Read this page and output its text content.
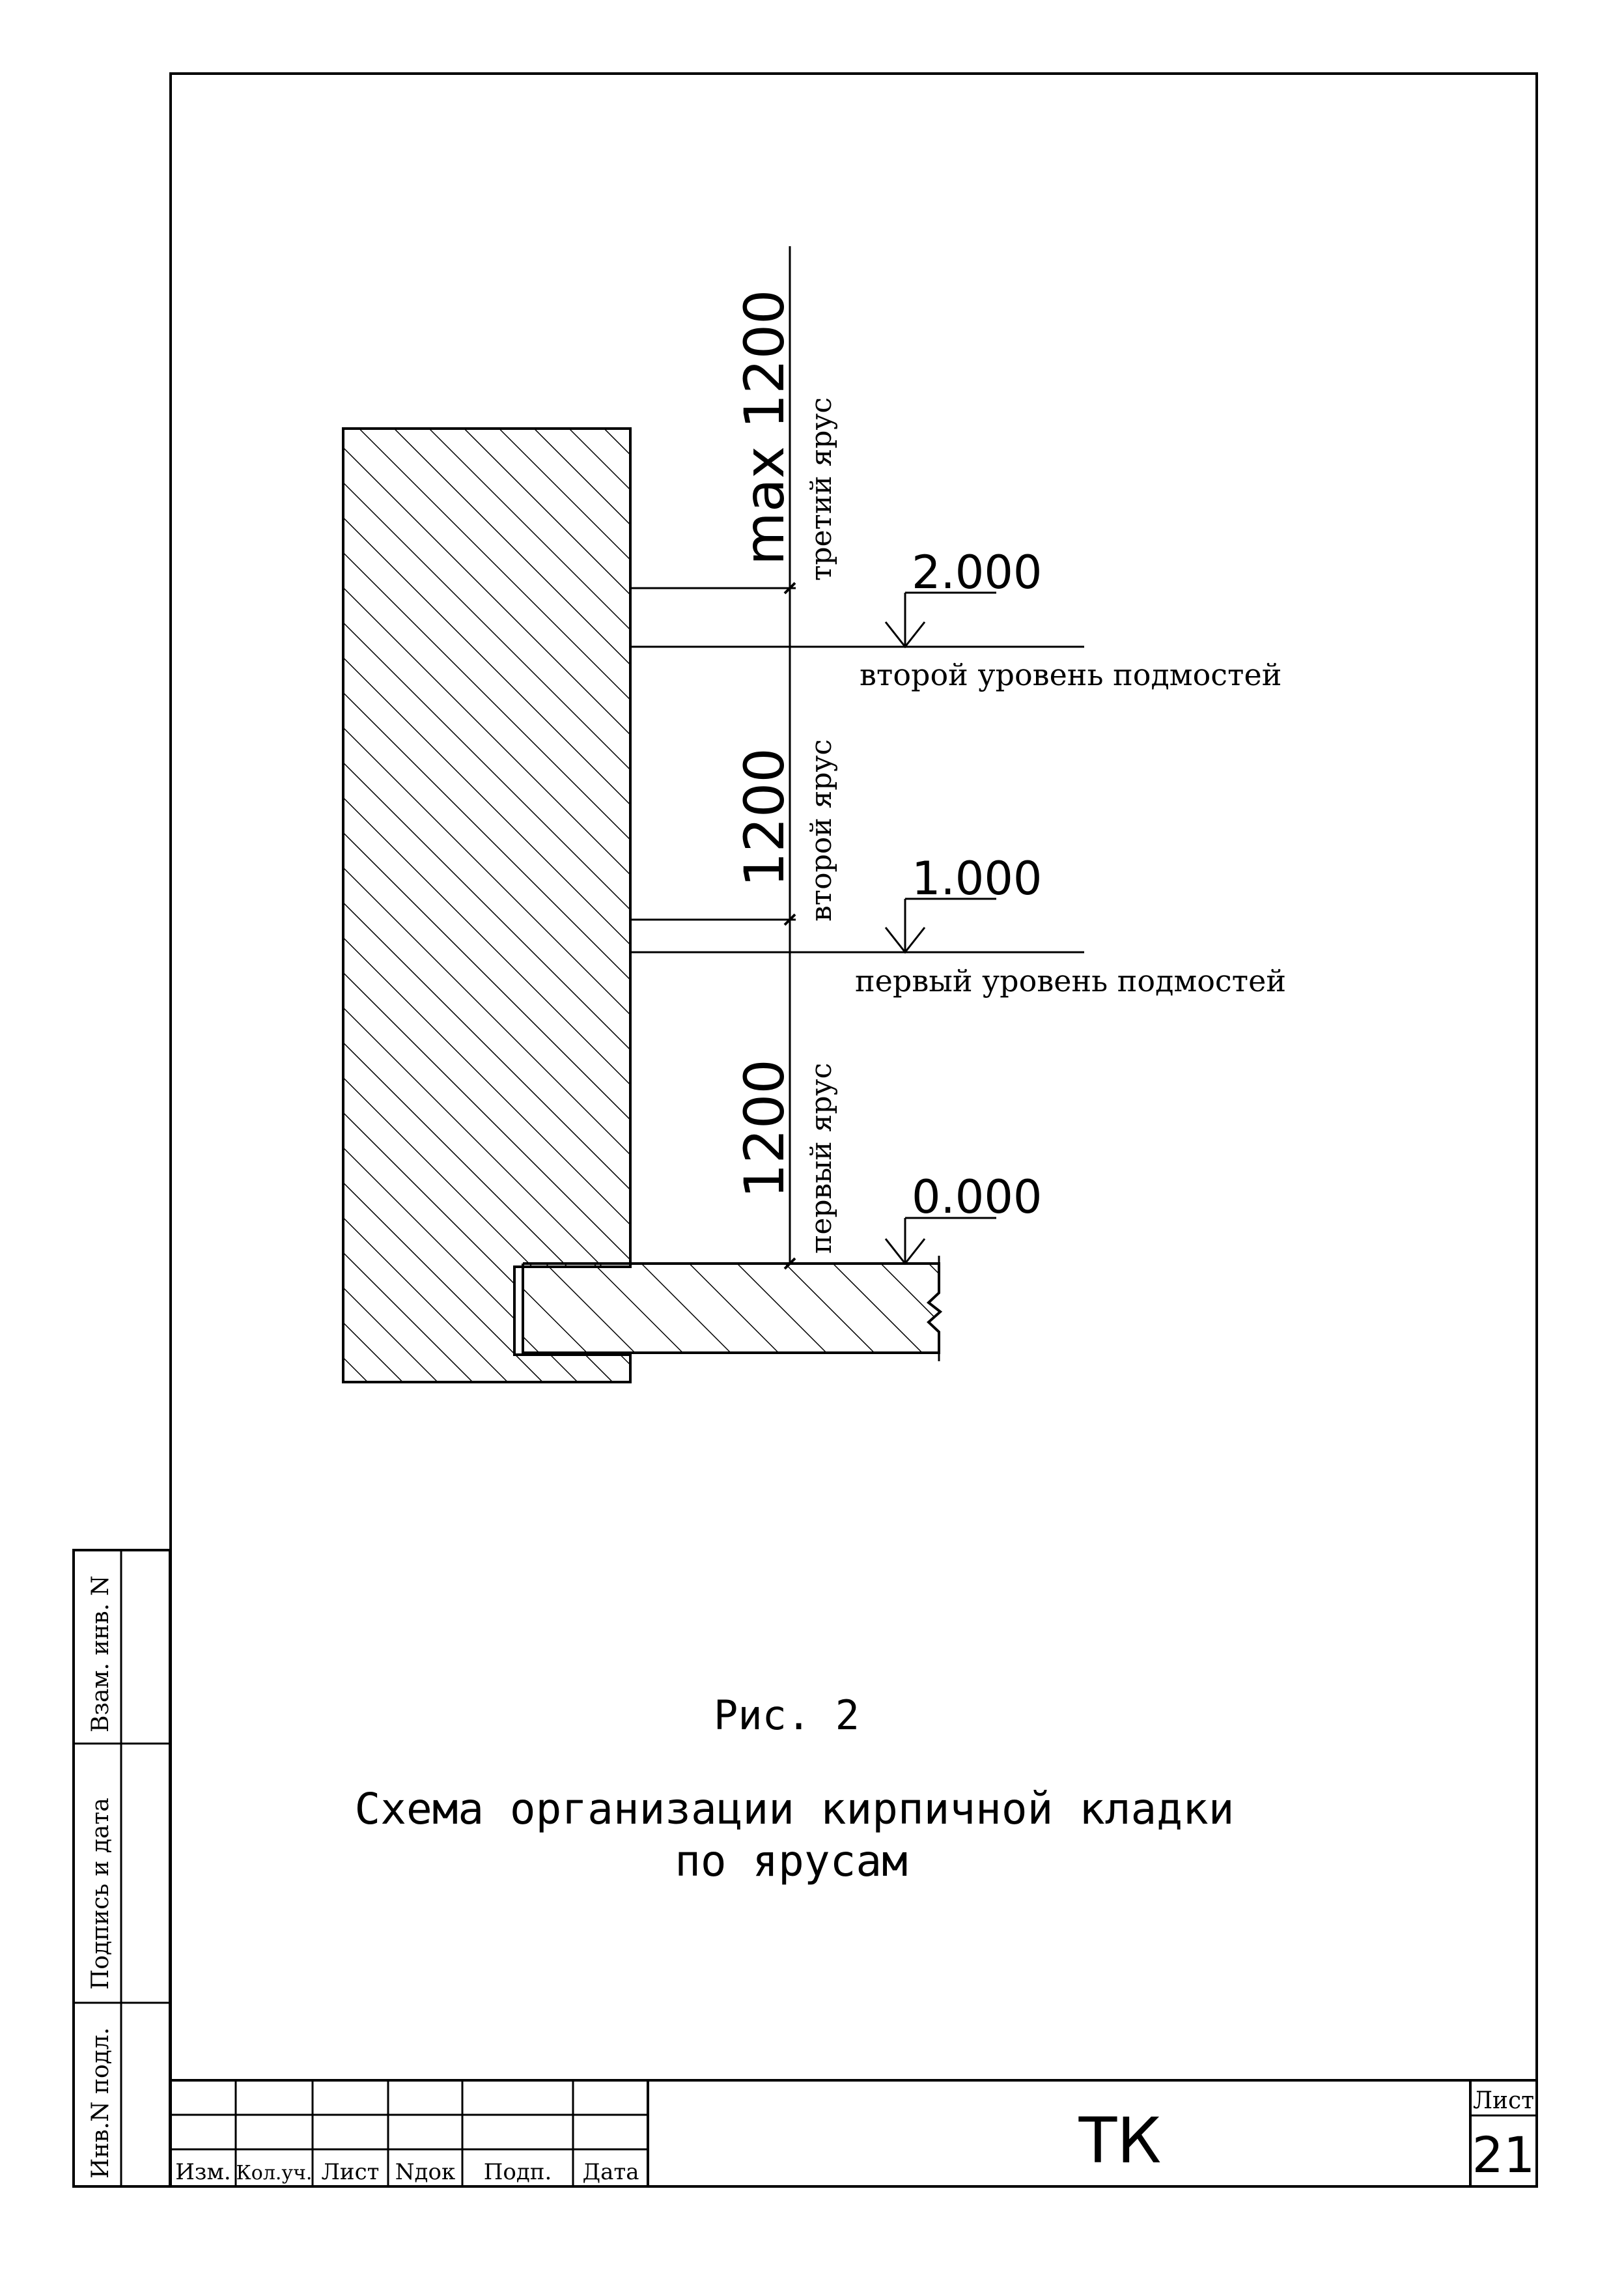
2.000
1.000
0.000
второй уровень подмостей
первый уровень подмостей
max 1200 третий ярус
1200 второй ярус
1200 первый ярус
Рис. 2
Схема организации кирпичной кладки
по ярусам
Взам. инв. N
Подпись и дата
Инв.N подл.	Изм. Кол.уч. Лист Nдок Подп. Дата	ТК
Лист
21
